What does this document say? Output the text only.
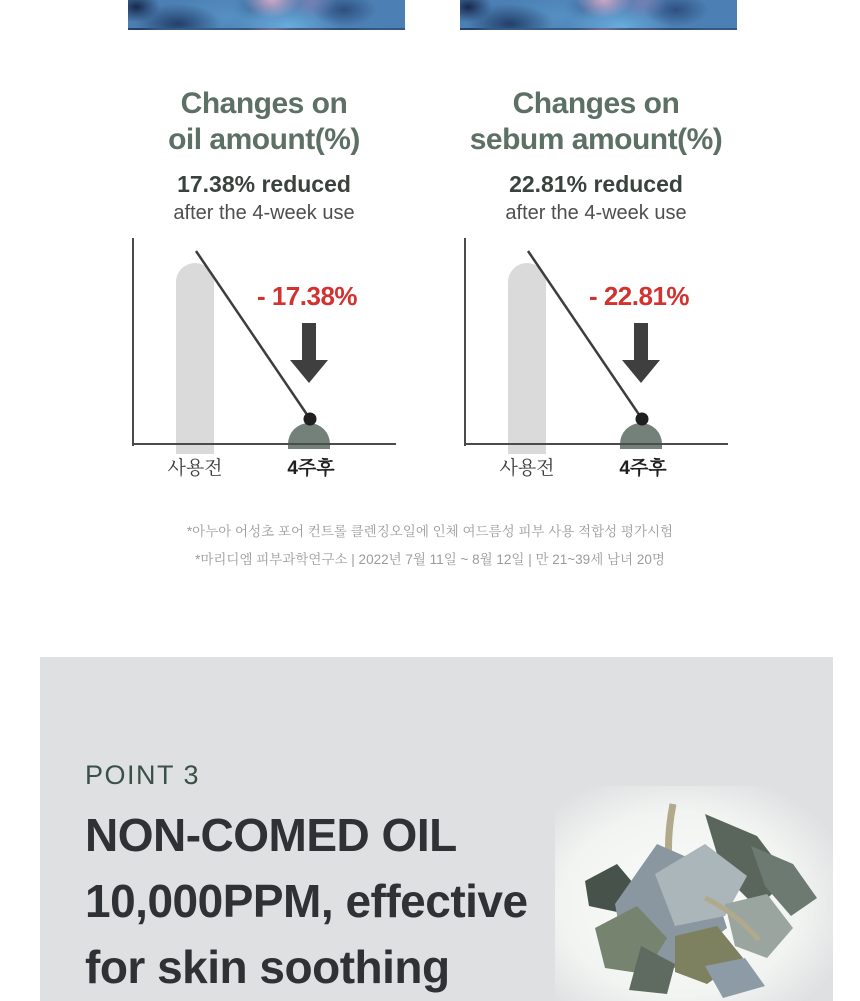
Changes on
oil amount(%)
17.38% reduced
after the 4-week use
- 17.38%
사용전	4주후
Changes on
sebum amount(%)
22.81% reduced
after the 4-week use
- 22.81%
사용전	4주후
*아누아 어성초 포어 컨트롤 클렌징오일에 인체 여드름성 피부 사용 적합성 평가시험
*마리디엠 피부과학연구소 | 2022년 7월 11일 ~ 8월 12일 | 만 21~39세 남녀 20명
POINT 3
NON-COMED OIL
10,000PPM, effective
for skin soothing
